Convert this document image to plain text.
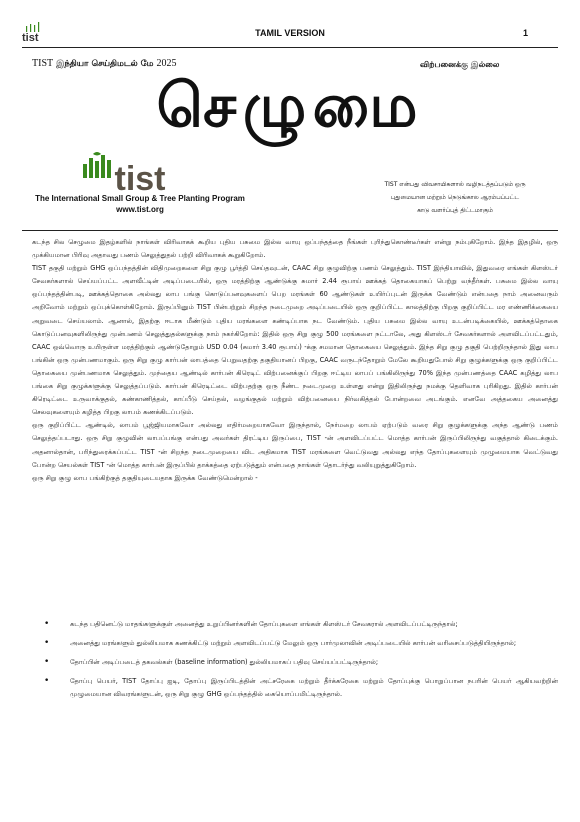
tist	TAMIL VERSION	1
TIST இந்தியா செய்திமடல் மே 2025	விற்பனைக்கு இல்லை
செழுமை
tist
The International Small Group & Tree Planting Program
www.tist.org
TIST என்பது விவசாயிகளால் வழிநடத்தப்படும் ஒரு
புதுமையான மற்றும் நெடுங்கால ஆரம்பப்பட்ட
காடு வளர்ப்புத் திட்டமாகும்

கடந்த சில செழுமை இதழ்களில் நாங்கள் விரிவாகக் கூறிய புதிய பசுமை இல்ல வாயு ஒப்பந்தத்தை நீங்கள் புரிந்துகொண்டீர்கள் என்று நம்புகிறோம். இந்த இதழில், ஒரு முக்கியமான பிரிவு அதாவது பணம் செலுத்துதல் பற்றி விரிவாகக் கூறுகிறோம்.

TIST தகுதி மற்றும் GHG ஒப்பந்தத்தின் விதிமுறைகளை சிறு குழு பூர்த்தி செய்தவுடன், CAAC சிறு குழுவிற்கு பணம் செலுத்தும். TIST இந்தியாவில், இதுவரை எங்கள் கிளஸ்டர் சேவகர்களால் செய்யப்பட்ட அளவீட்டின் அடிப்படையில், ஒரு மரத்திற்கு ஆண்டுக்கு சுமார் 2.44 ரூபாய் ஊக்கத் தொகையாகப் பெற்று வந்தீர்கள். பசுமை இல்ல வாயு ஒப்பந்தத்தின்படி, ஊக்கத்தொகை அல்லது லாப பங்கு கொடுப்பனவுகளைப் பெற மரங்கள் 60 ஆண்டுகள் உயிர்ப்புடன் இருக்க வேண்டும் என்பதை நாம் அனைவரும் அறிவோம் மற்றும் ஒப்புக்கொள்கிறோம். இருப்பினும் TIST பின்பற்றும் சிறந்த நடைமுறை அடிப்படையில் ஒரு குறிப்பிட்ட காலத்திற்கு பிறகு குறிப்பிட்ட மர எண்ணிக்கையை அறுவடை செய்யலாம். ஆனால், இதற்கு ஈடாக மீண்டும் புதிய மரங்களை கண்டிப்பாக நட வேண்டும். புதிய பசுமை இல்ல வாயு உடன்படிக்கையில், ஊக்கத்தொகை கொடுப்பனவுகளிலிருந்து முன்பணம் செலுத்துதல்களுக்கு நாம் நகர்கிறோம்: இதில் ஒரு சிறு குழு 500 மரங்களை நட்டாலே, அது கிளஸ்டர் சேவகர்களால் அளவிடப்பட்டதும், CAAC ஒவ்வொரு உயிருள்ள மரத்திற்கும் ஆண்டுதோறும் USD 0.04 (சுமார் 3.40 ரூபாய்) -க்கு சமமான தொகையை செலுத்தும். இந்த சிறு குழு தகுதி பெற்றிருந்தால் இது லாப பங்கின் ஒரு முன்பணமாகும். ஒரு சிறு குழு கார்பன் லாபத்தை பெறுவதற்கு தகுதியானப் பிறகு, CAAC வருடந்தோறும் மேலே கூறியதுபோல் சிறு குழுக்களுக்கு ஒரு குறிப்பிட்ட தொகையை முன்பணமாக செலுத்தும். முந்தைய ஆண்டில் கார்பன் கிரெடிட் விற்பனைக்குப் பிறகு ஈட்டிய லாபப் பங்கிலிருந்து 70% இந்த முன்பணத்தை CAAC கழித்து லாப பங்கை சிறு குழுக்களுக்கு செலுத்தப்படும். கார்பன் கிரெடிட்டை விற்பதற்கு ஒரு நீண்ட நடைமுறை உள்ளது என்று இதிலிருந்து நமக்கு தெளிவாக புரிகிறது. இதில் கார்பன் கிரெடிட்டை உருவாக்குதல், கண்காணித்தல், காப்பீடு செய்தல், வழங்குதல் மற்றும் விற்பனையை நிர்வகித்தல் போன்றவை அடங்கும். எனவே அத்தகைய அனைத்து செலவுகளையும் கழித்த பிறகு லாபம் கணக்கிடப்படும்.

ஒரு குறிப்பிட்ட ஆண்டில், லாபம் பூஜ்ஜியமாகவோ அல்லது எதிர்மறையாகவோ இருந்தால், நேர்மறை லாபம் ஏற்படும் வரை சிறு குழுக்களுக்கு அந்த ஆண்டு பணம் செலுத்தப்படாது. ஒரு சிறு குழுவின் லாபப்பங்கு என்பது அவர்கள் திரட்டிய இருப்பை, TIST -ன் அளவிடப்பட்ட மொத்த கார்பன் இருப்பிலிருந்து வகுத்தால் கிடைக்கும். அதனால்தான், பரிந்துரைக்கப்பட்ட TIST -ன் சிறந்த நடைமுறையை விட அதிகமாக TIST மரங்களை வெட்டுவது அல்லது எந்த தோப்புகளையும் முழுமையாக வெட்டுவது போன்ற செயல்கள் TIST -ன் மொத்த கார்பன் இருப்பில் தாக்கத்தை ஏற்படுத்தும் என்பதை நாங்கள் தொடர்ந்து வலியுறுத்துகிறோம்.

ஒரு சிறு குழு லாப பங்கிற்குத் தகுதியுடையதாக இருக்க வேண்டுமென்றால் -

•	கடந்த பதினெட்டு மாதங்களுக்குள் அனைத்து உறுப்பினர்களின் தோப்புகளை எங்கள் கிளஸ்டர் சேவகரால் அளவிடப்பட்டிருந்தால்;
•	அனைத்து மரங்களும் துல்லியமாக கணக்கிட்டு மற்றும் அளவிடப்பட்டு மேலும் ஒரு பார்முலாவின் அடிப்படையில் கார்பன் வரிசைப்படுத்தியிருந்தால்;
•	தோப்பின் அடிப்படைத் தகவல்கள் (baseline information) துல்லியமாகப் பதிவு செய்யப்பட்டிருந்தால்;
•	தோப்பு பெயர், TIST தோப்பு ஐடி, தோப்பு இருப்பிடத்தின் அட்சரேகை மற்றும் தீர்க்கரேகை மற்றும் தோப்புக்கு பொறுப்பான நபரின் பெயர் ஆகியவற்றின் முழுமையான விவரங்களுடன், ஒரு சிறு குழு GHG ஒப்பந்தத்தில் கையொப்பமிட்டிருந்தால்.
